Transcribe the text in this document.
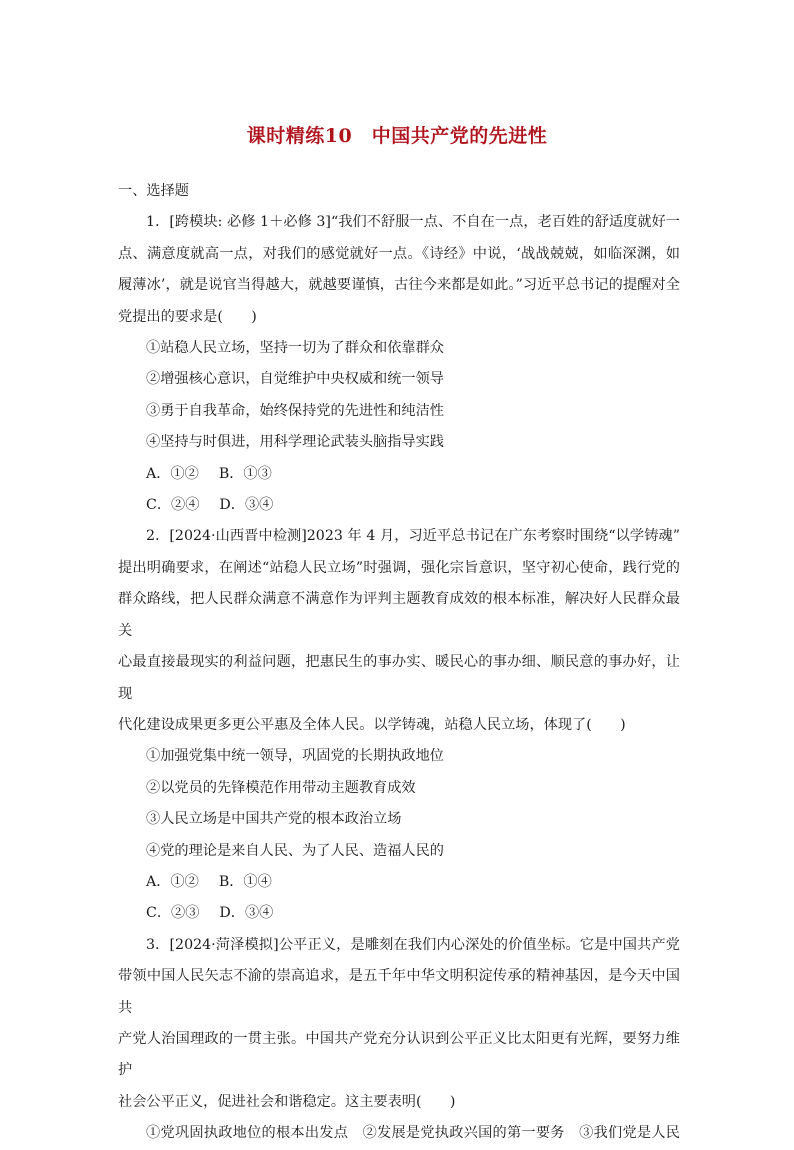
课时精练10　中国共产党的先进性

一、选择题

1．[跨模块: 必修 1＋必修 3]“我们不舒服一点、不自在一点，老百姓的舒适度就好一

点、满意度就高一点，对我们的感觉就好一点。《诗经》中说，‘战战兢兢，如临深渊，如

履薄冰’，就是说官当得越大，就越要谨慎，古往今来都是如此。”习近平总书记的提醒对全

党提出的要求是(　　)

①站稳人民立场，坚持一切为了群众和依靠群众

②增强核心意识，自觉维护中央权威和统一领导

③勇于自我革命，始终保持党的先进性和纯洁性

④坚持与时俱进，用科学理论武装头脑指导实践

A．①② B．①③

C．②④ D．③④

2．[2024·山西晋中检测]2023 年 4 月，习近平总书记在广东考察时围绕“以学铸魂”

提出明确要求，在阐述“站稳人民立场”时强调，强化宗旨意识，坚守初心使命，践行党的

群众路线，把人民群众满意不满意作为评判主题教育成效的根本标准，解决好人民群众最关

心最直接最现实的利益问题，把惠民生的事办实、暖民心的事办细、顺民意的事办好，让现

代化建设成果更多更公平惠及全体人民。以学铸魂，站稳人民立场，体现了(　　)

①加强党集中统一领导，巩固党的长期执政地位

②以党员的先锋模范作用带动主题教育成效

③人民立场是中国共产党的根本政治立场

④党的理论是来自人民、为了人民、造福人民的

A．①② B．①④

C．②③ D．③④

3．[2024·菏泽模拟]公平正义，是雕刻在我们内心深处的价值坐标。它是中国共产党

带领中国人民矢志不渝的崇高追求，是五千年中华文明积淀传承的精神基因，是今天中国共

产党人治国理政的一贯主张。中国共产党充分认识到公平正义比太阳更有光辉，要努力维护

社会公平正义，促进社会和谐稳定。这主要表明(　　)

①党巩固执政地位的根本出发点　②发展是党执政兴国的第一要务　③我们党是人民
